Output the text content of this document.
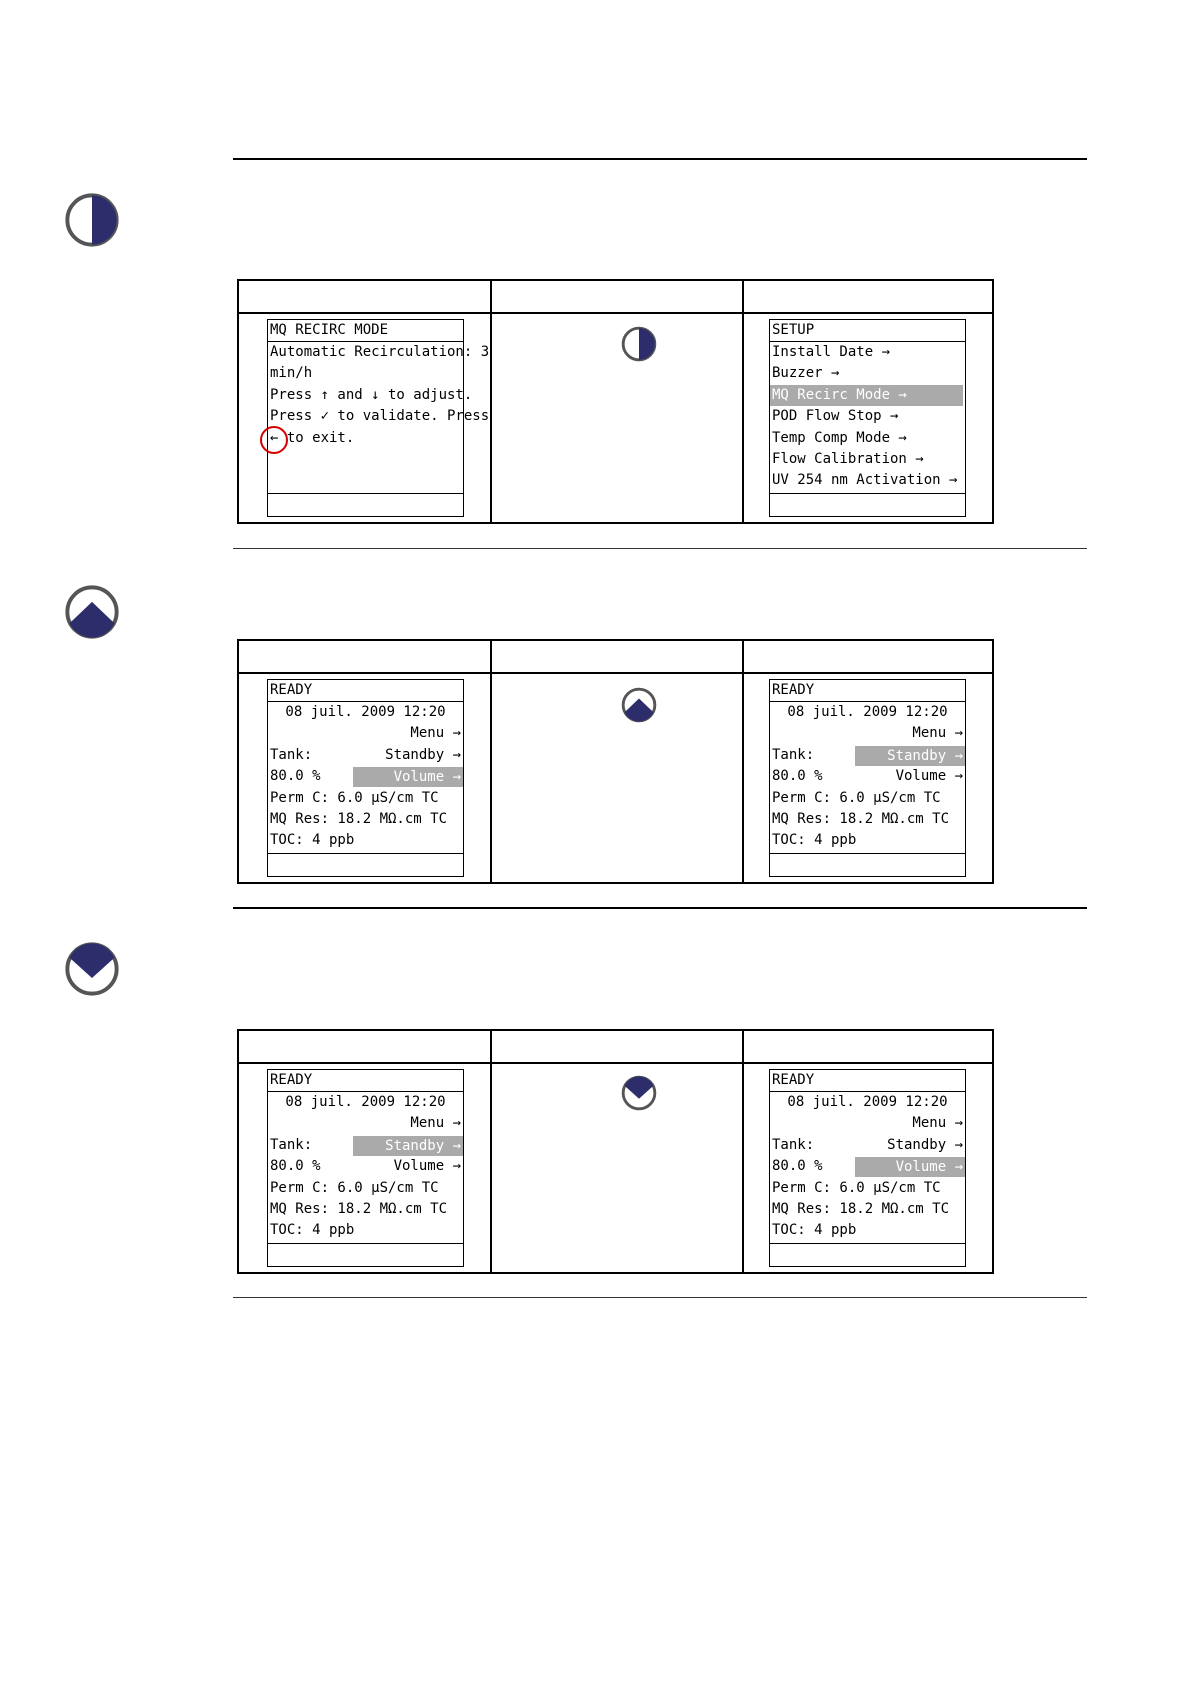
MQ RECIRC MODE
Automatic Recirculation: 3
min/h
Press ↑ and ↓ to adjust.
Press ✓ to validate. Press
← to exit.
SETUP
Install Date →
Buzzer →
MQ Recirc Mode →
POD Flow Stop →
Temp Comp Mode →
Flow Calibration →
UV 254 nm Activation →
READY
08 juil. 2009 12:20
Menu →
Tank:	Standby →
80.0 %	Volume →
Perm C: 6.0 µS/cm TC
MQ Res: 18.2 MΩ.cm TC
TOC: 4 ppb
READY
08 juil. 2009 12:20
Menu →
Tank:	Standby →
80.0 %	Volume →
Perm C: 6.0 µS/cm TC
MQ Res: 18.2 MΩ.cm TC
TOC: 4 ppb
READY
08 juil. 2009 12:20
Menu →
Tank:	Standby →
80.0 %	Volume →
Perm C: 6.0 µS/cm TC
MQ Res: 18.2 MΩ.cm TC
TOC: 4 ppb
READY
08 juil. 2009 12:20
Menu →
Tank:	Standby →
80.0 %	Volume →
Perm C: 6.0 µS/cm TC
MQ Res: 18.2 MΩ.cm TC
TOC: 4 ppb
